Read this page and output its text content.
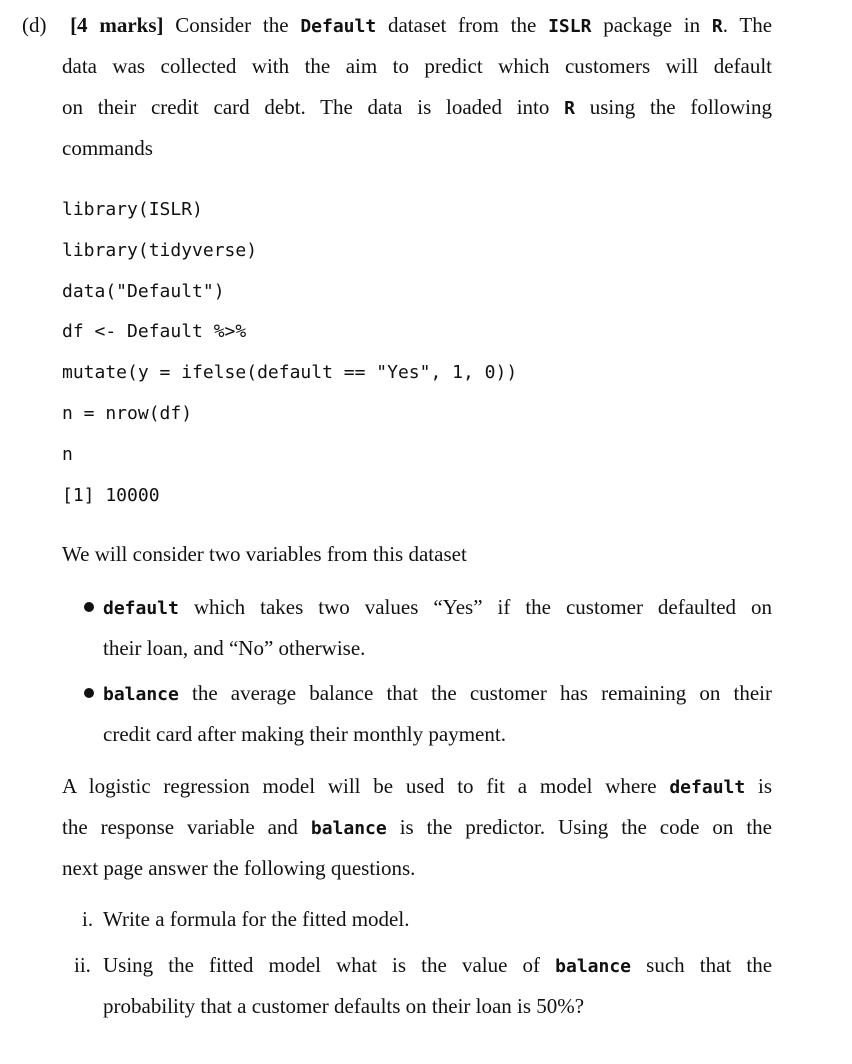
(d) [4 marks] Consider the Default dataset from the ISLR package in R. The
data was collected with the aim to predict which customers will default
on their credit card debt. The data is loaded into R using the following
commands
library(ISLR)
library(tidyverse)
data("Default")
df <- Default %>%
mutate(y = ifelse(default == "Yes", 1, 0))
n = nrow(df)
n
[1] 10000
We will consider two variables from this dataset
default which takes two values “Yes” if the customer defaulted on
their loan, and “No” otherwise.
balance the average balance that the customer has remaining on their
credit card after making their monthly payment.
A logistic regression model will be used to fit a model where default is
the response variable and balance is the predictor. Using the code on the
next page answer the following questions.
i. Write a formula for the fitted model.
ii. Using the fitted model what is the value of balance such that the
probability that a customer defaults on their loan is 50%?
